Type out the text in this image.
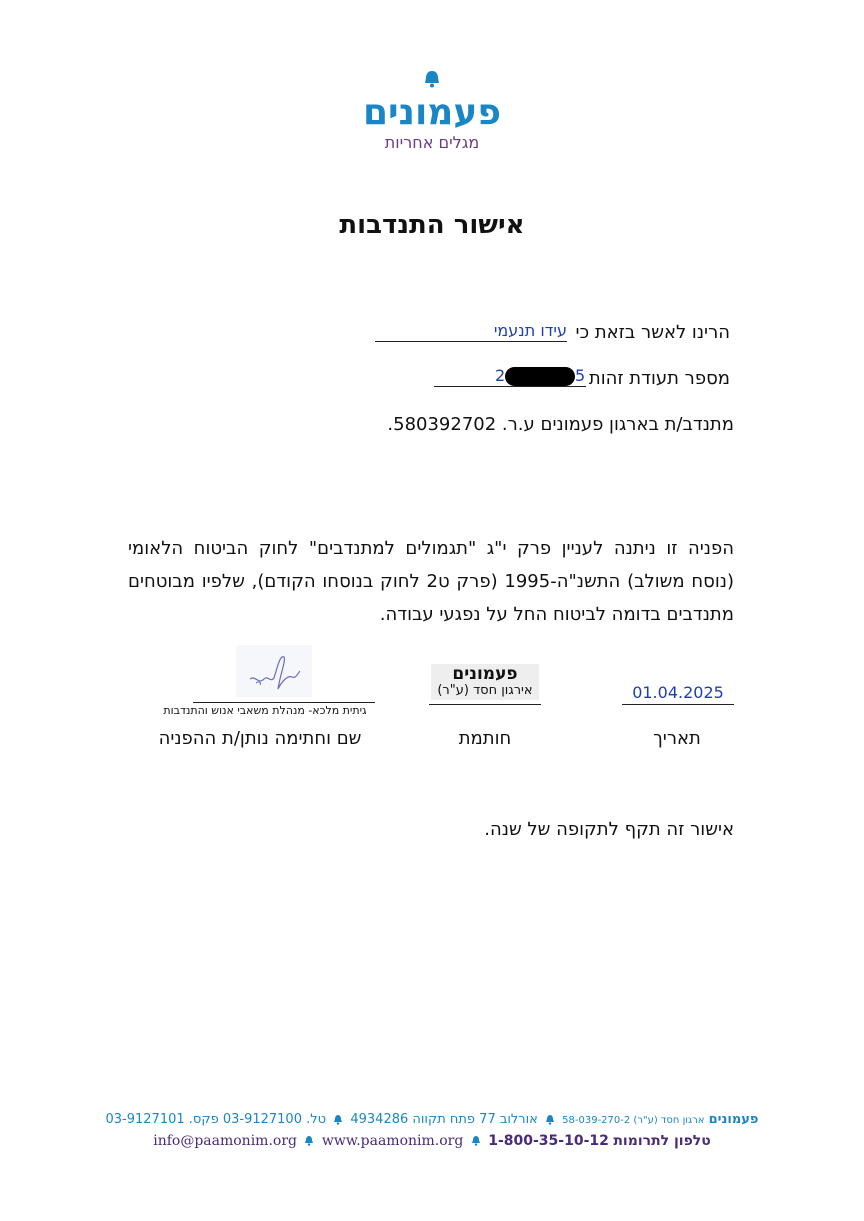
פעמונים
מגלים אחריות
אישור התנדבות
הרינו לאשר בזאת כי
עידו תנעמי
מספר תעודת זהות
2	5
מתנדב/ת בארגון פעמונים ע.ר. 580392702.
הפניה זו ניתנה לעניין פרק י"ג "תגמולים למתנדבים" לחוק הביטוח הלאומי (נוסח משולב) התשנ"ה-1995 (פרק ט2 לחוק בנוסחו הקודם), שלפיו מבוטחים מתנדבים בדומה לביטוח החל על נפגעי עבודה.
גיתית מלכא- מנהלת משאבי אנוש והתנדבות
שם וחתימה נותן/ת ההפניה
פעמונים
אירגון חסד (ע"ר)
חותמת
01.04.2025
תאריך
אישור זה תקף לתקופה של שנה.
פעמונים ארגון חסד (ע"ר) 58-039-270-2  אורלוב 77 פתח תקווה 4934286  טל. 03-9127100 פקס. 03-9127101
טלפון לתרומות 1-800-35-10-12  info@paamonim.org www.paamonim.org
